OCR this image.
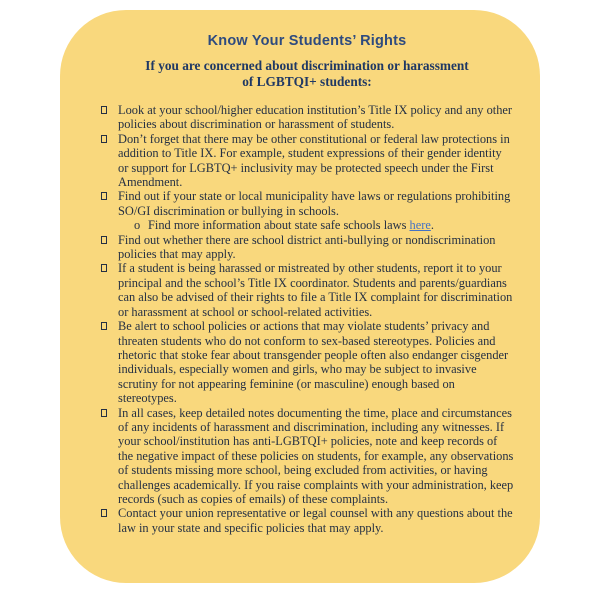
Know Your Students’ Rights
If you are concerned about discrimination or harassment
of LGBTQI+ students:
Look at your school/higher education institution’s Title IX policy and any other policies about discrimination or harassment of students.
Don’t forget that there may be other constitutional or federal law protections in addition to Title IX. For example, student expressions of their gender identity or support for LGBTQ+ inclusivity may be protected speech under the First Amendment.
Find out if your state or local municipality have laws or regulations prohibiting SO/GI discrimination or bullying in schools.
o Find more information about state safe schools laws here.
Find out whether there are school district anti-bullying or nondiscrimination policies that may apply.
If a student is being harassed or mistreated by other students, report it to your principal and the school’s Title IX coordinator. Students and parents/guardians can also be advised of their rights to file a Title IX complaint for discrimination or harassment at school or school-related activities.
Be alert to school policies or actions that may violate students’ privacy and threaten students who do not conform to sex-based stereotypes. Policies and rhetoric that stoke fear about transgender people often also endanger cisgender individuals, especially women and girls, who may be subject to invasive scrutiny for not appearing feminine (or masculine) enough based on stereotypes.
In all cases, keep detailed notes documenting the time, place and circumstances of any incidents of harassment and discrimination, including any witnesses. If your school/institution has anti-LGBTQI+ policies, note and keep records of the negative impact of these policies on students, for example, any observations of students missing more school, being excluded from activities, or having challenges academically. If you raise complaints with your administration, keep records (such as copies of emails) of these complaints.
Contact your union representative or legal counsel with any questions about the law in your state and specific policies that may apply.
